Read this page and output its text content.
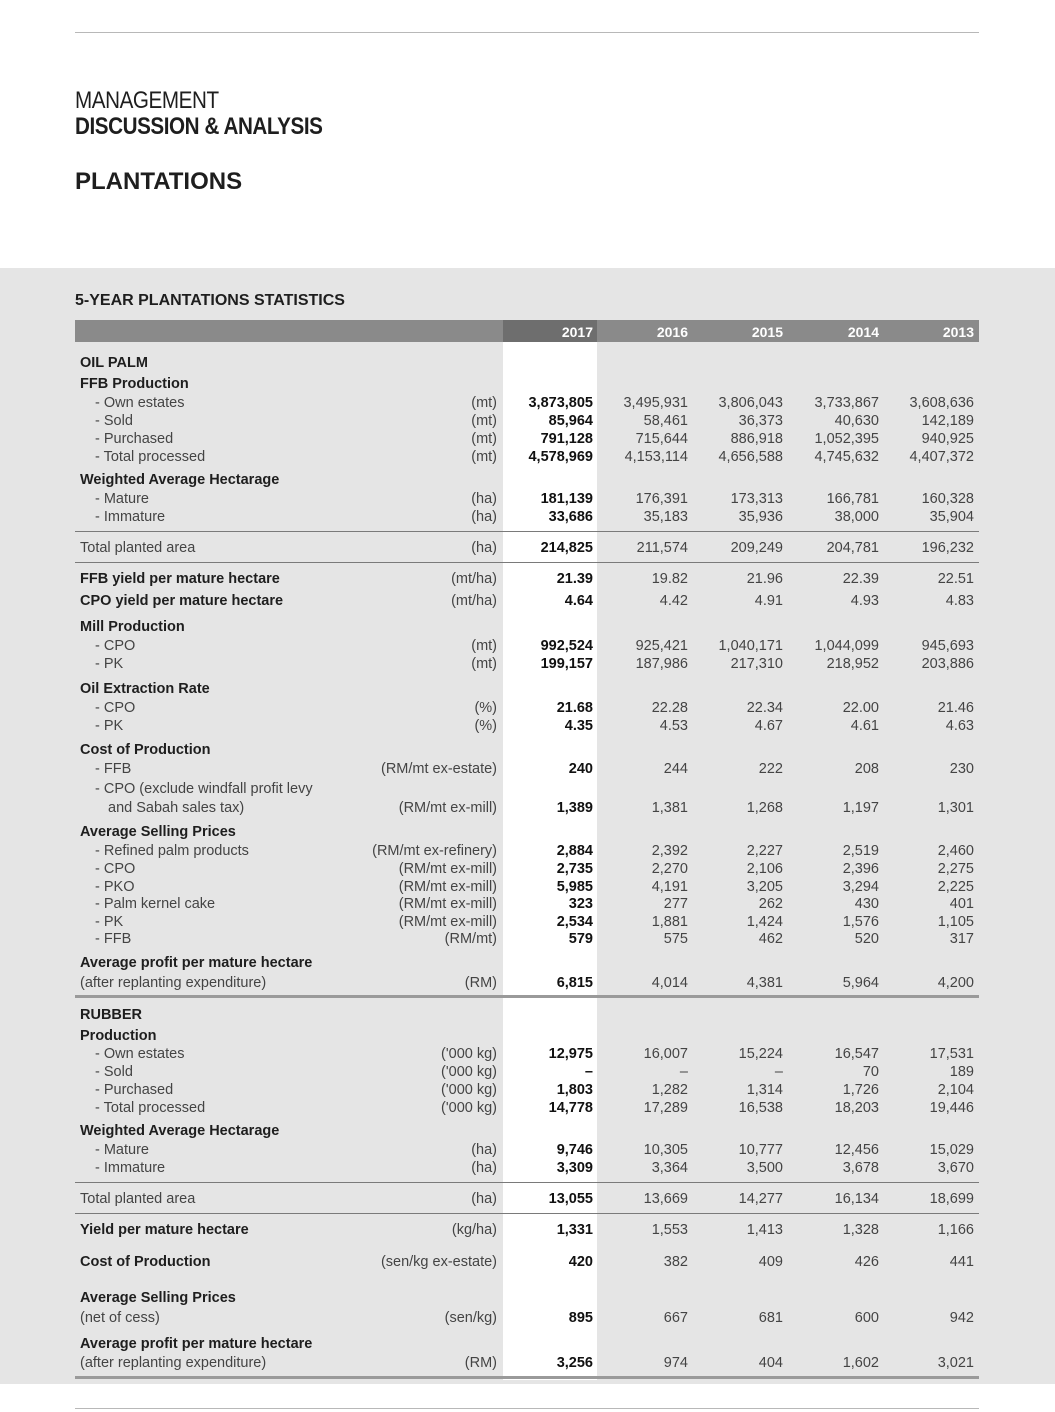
MANAGEMENT
DISCUSSION & ANALYSIS
PLANTATIONS
5-YEAR PLANTATIONS STATISTICS
2017	2016	2015	2014	2013
OIL PALM
FFB Production
- Own estates	(mt)	3,873,805	3,495,931	3,806,043	3,733,867	3,608,636
- Sold	(mt)	85,964	58,461	36,373	40,630	142,189
- Purchased	(mt)	791,128	715,644	886,918	1,052,395	940,925
- Total processed	(mt)	4,578,969	4,153,114	4,656,588	4,745,632	4,407,372
Weighted Average Hectarage
- Mature	(ha)	181,139	176,391	173,313	166,781	160,328
- Immature	(ha)	33,686	35,183	35,936	38,000	35,904
Total planted area	(ha)	214,825	211,574	209,249	204,781	196,232
FFB yield per mature hectare	(mt/ha)	21.39	19.82	21.96	22.39	22.51
CPO yield per mature hectare	(mt/ha)	4.64	4.42	4.91	4.93	4.83
Mill Production
- CPO	(mt)	992,524	925,421	1,040,171	1,044,099	945,693
- PK	(mt)	199,157	187,986	217,310	218,952	203,886
Oil Extraction Rate
- CPO	(%)	21.68	22.28	22.34	22.00	21.46
- PK	(%)	4.35	4.53	4.67	4.61	4.63
Cost of Production
- FFB	(RM/mt ex-estate)	240	244	222	208	230
- CPO (exclude windfall profit levy
and Sabah sales tax)	(RM/mt ex-mill)	1,389	1,381	1,268	1,197	1,301
Average Selling Prices
- Refined palm products	(RM/mt ex-refinery)	2,884	2,392	2,227	2,519	2,460
- CPO	(RM/mt ex-mill)	2,735	2,270	2,106	2,396	2,275
- PKO	(RM/mt ex-mill)	5,985	4,191	3,205	3,294	2,225
- Palm kernel cake	(RM/mt ex-mill)	323	277	262	430	401
- PK	(RM/mt ex-mill)	2,534	1,881	1,424	1,576	1,105
- FFB	(RM/mt)	579	575	462	520	317
Average profit per mature hectare
(after replanting expenditure)	(RM)	6,815	4,014	4,381	5,964	4,200
RUBBER
Production
- Own estates	('000 kg)	12,975	16,007	15,224	16,547	17,531
- Sold	('000 kg)	–	–	–	70	189
- Purchased	('000 kg)	1,803	1,282	1,314	1,726	2,104
- Total processed	('000 kg)	14,778	17,289	16,538	18,203	19,446
Weighted Average Hectarage
- Mature	(ha)	9,746	10,305	10,777	12,456	15,029
- Immature	(ha)	3,309	3,364	3,500	3,678	3,670
Total planted area	(ha)	13,055	13,669	14,277	16,134	18,699
Yield per mature hectare	(kg/ha)	1,331	1,553	1,413	1,328	1,166
Cost of Production	(sen/kg ex-estate)	420	382	409	426	441
Average Selling Prices
(net of cess)	(sen/kg)	895	667	681	600	942
Average profit per mature hectare
(after replanting expenditure)	(RM)	3,256	974	404	1,602	3,021
